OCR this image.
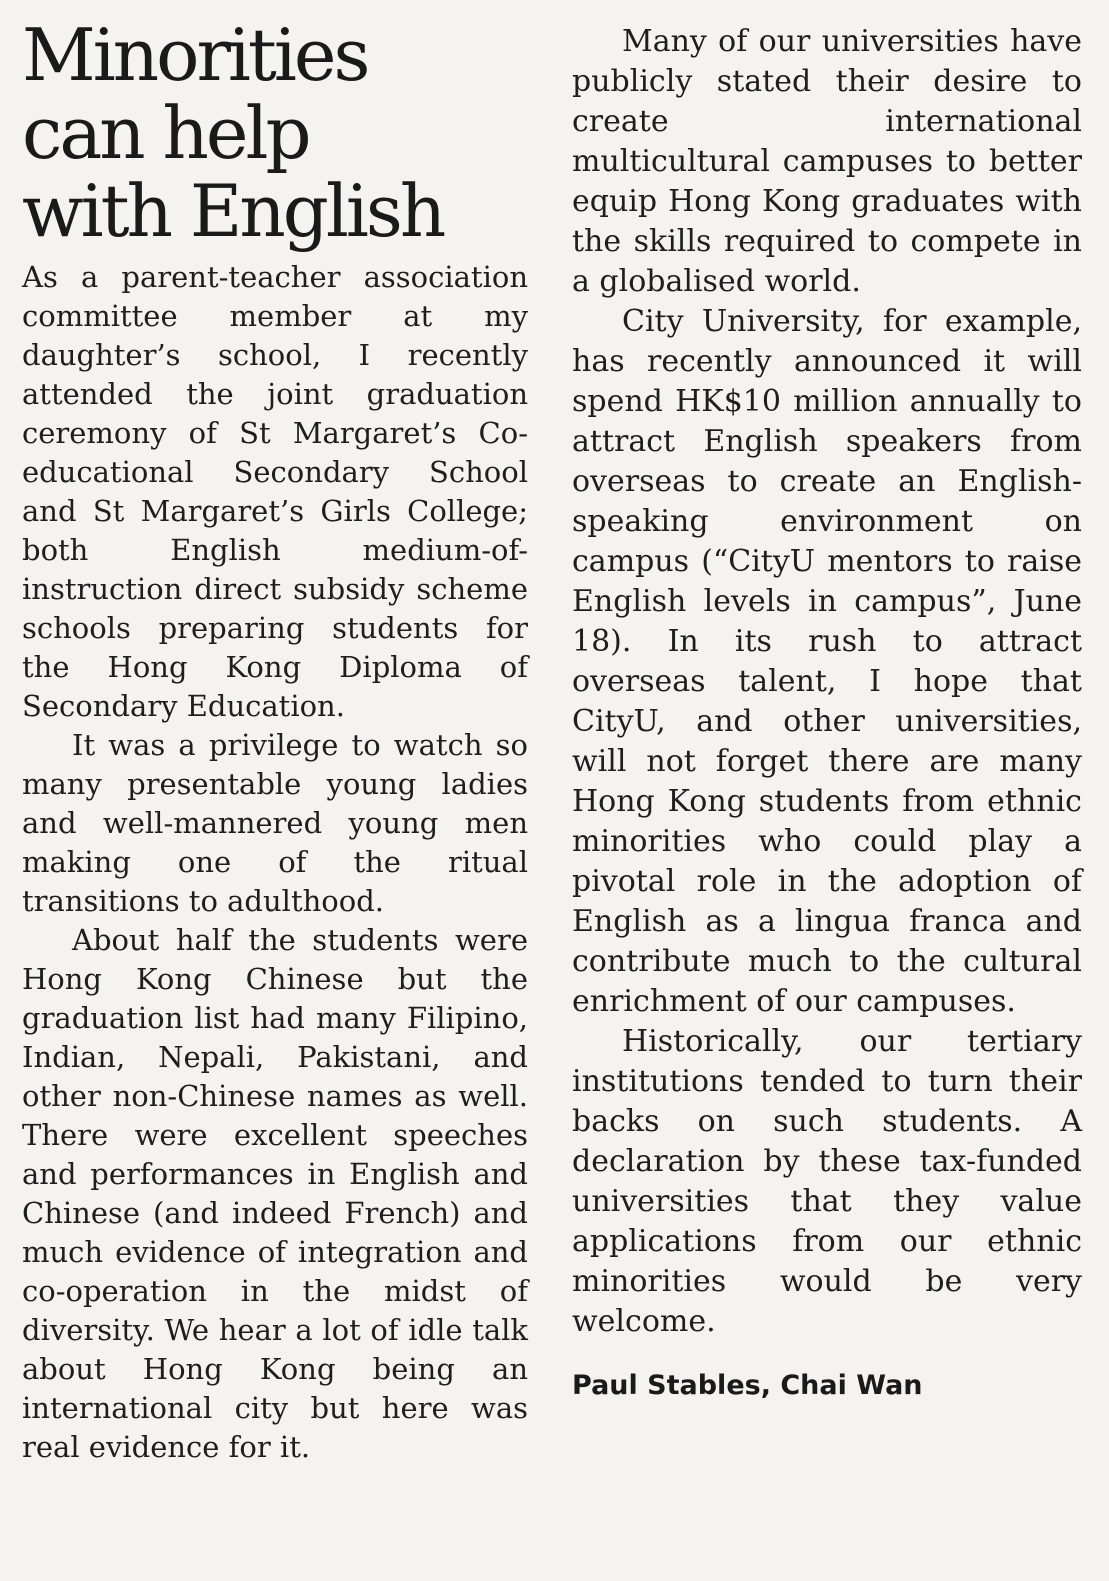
Minorities
can help
with English

As a parent-teacher association committee member at my daughter’s school, I recently attended the joint graduation ceremony of St Margaret’s Co-educational Secondary School and St Margaret’s Girls College; both English medium-of-instruction direct subsidy scheme schools preparing students for the Hong Kong Diploma of Secondary Education.

It was a privilege to watch so many presentable young ladies and well-mannered young men making one of the ritual transitions to adulthood.

About half the students were Hong Kong Chinese but the graduation list had many Filipino, Indian, Nepali, Pakistani, and other non-Chinese names as well. There were excellent speeches and performances in English and Chinese (and indeed French) and much evidence of integration and co-operation in the midst of diversity. We hear a lot of idle talk about Hong Kong being an international city but here was real evidence for it.

Many of our universities have publicly stated their desire to create international multicultural campuses to better equip Hong Kong graduates with the skills required to compete in a globalised world.

City University, for example, has recently announced it will spend HK$10 million annually to attract English speakers from overseas to create an English-speaking environment on campus (“CityU mentors to raise English levels in campus”, June 18). In its rush to attract overseas talent, I hope that CityU, and other universities, will not forget there are many Hong Kong students from ethnic minorities who could play a pivotal role in the adoption of English as a lingua franca and contribute much to the cultural enrichment of our campuses.

Historically, our tertiary institutions tended to turn their backs on such students. A declaration by these tax-funded universities that they value applications from our ethnic minorities would be very welcome.

Paul Stables, Chai Wan
